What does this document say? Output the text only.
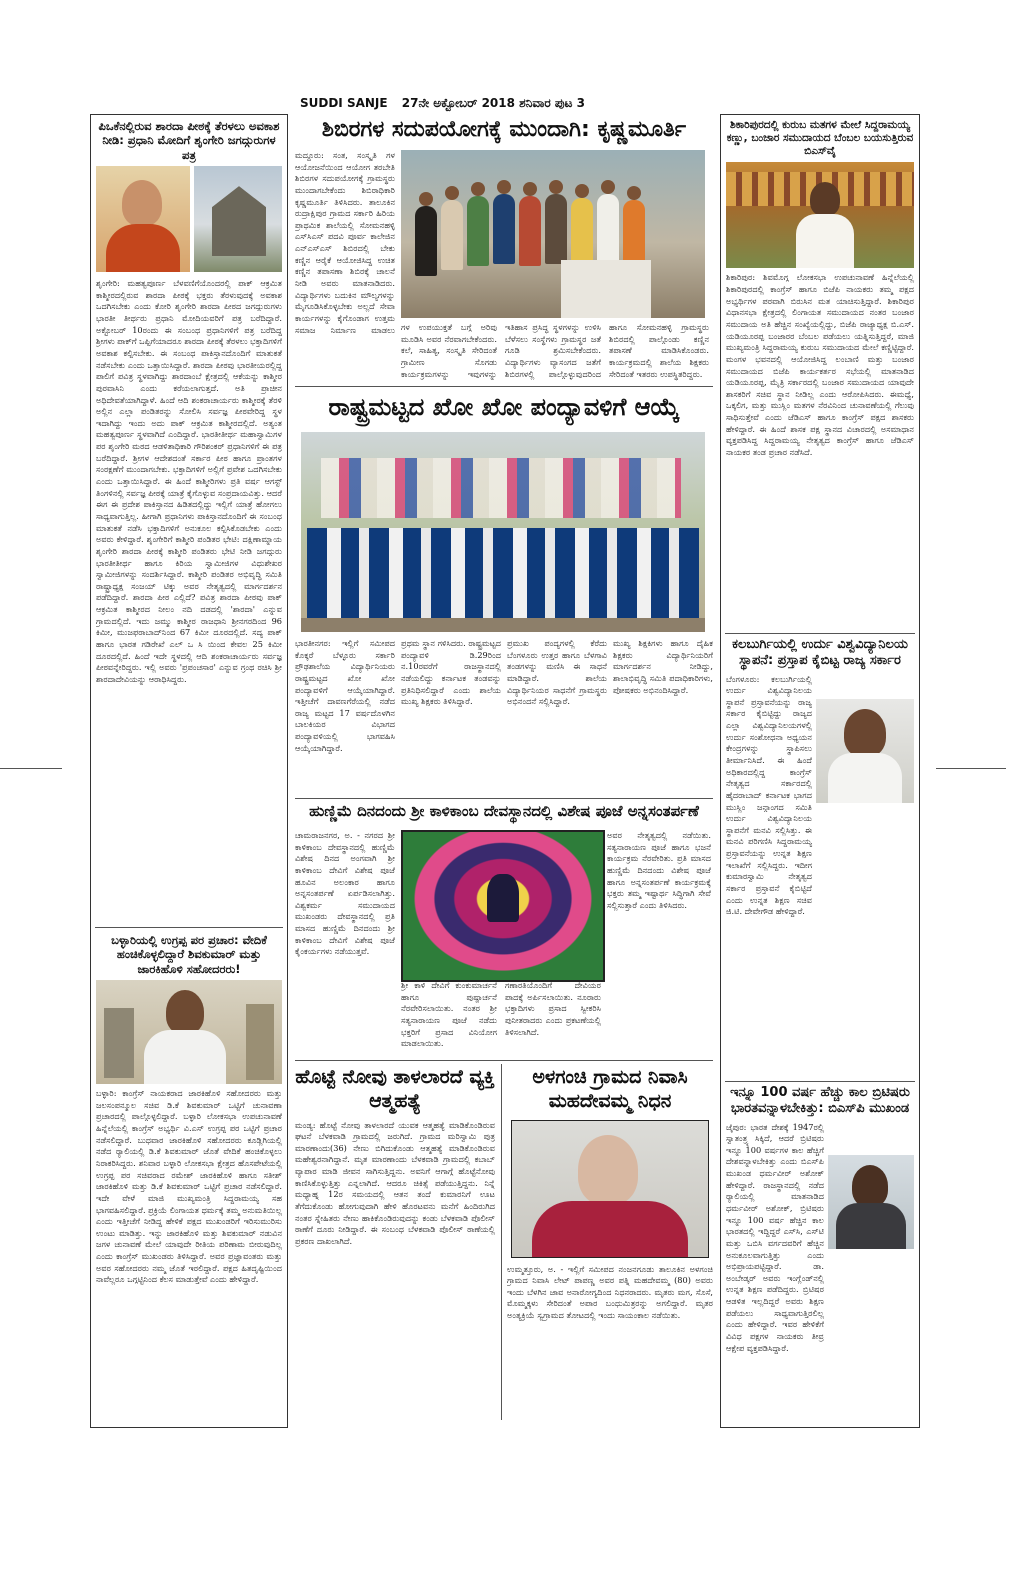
SUDDI SANJE 27ನೇ ಅಕ್ಟೋಬರ್ 2018 ಶನಿವಾರ ಪುಟ 3

ಪಿಒಕೆನಲ್ಲಿರುವ ಶಾರದಾ ಪೀಠಕ್ಕೆ ತೆರಳಲು ಅವಕಾಶ ನೀಡಿ: ಪ್ರಧಾನಿ ಮೋದಿಗೆ ಶೃಂಗೇರಿ ಜಗದ್ಗುರುಗಳ ಪತ್ರ

ಶೃಂಗೇರಿ: ಮಹತ್ವಪೂರ್ಣ ಬೆಳವಣಿಗೆಯೊಂದರಲ್ಲಿ ಪಾಕ್ ಆಕ್ರಮಿತ ಕಾಶ್ಮೀರದಲ್ಲಿರುವ ಶಾರದಾ ಪೀಠಕ್ಕೆ ಭಕ್ತರು ತೆರಳುವುದಕ್ಕೆ ಅವಕಾಶ ಒದಗಿಸಬೇಕು ಎಂದು ಕೋರಿ ಶೃಂಗೇರಿ ಶಾರದಾ ಪೀಠದ ಜಗದ್ಗುರುಗಳು ಭಾರತೀ ತೀರ್ಥರು ಪ್ರಧಾನಿ ಮೋದಿಯವರಿಗೆ ಪತ್ರ ಬರೆದಿದ್ದಾರೆ. ಅಕ್ಟೋಬರ್ 10ರಂದು ಈ ಸಂಬಂಧ ಪ್ರಧಾನಿಗಳಿಗೆ ಪತ್ರ ಬರೆದಿದ್ದ ಶ್ರೀಗಳು ಪಾಕ್‌ಗೆ ಒಪ್ಪಿಗೆಯಾದರೂ ಶಾರದಾ ಪೀಠಕ್ಕೆ ತೆರಳಲು ಭಕ್ತಾದಿಗಳಿಗೆ ಅವಕಾಶ ಕಲ್ಪಿಸಬೇಕು. ಈ ಸಂಬಂಧ ಪಾಕಿಸ್ತಾನದೊಂದಿಗೆ ಮಾತುಕತೆ ನಡೆಸಬೇಕು ಎಂದು ಒತ್ತಾಯಿಸಿದ್ದಾರೆ. ಶಾರದಾ ಪೀಠವು ಭಾರತೀಯರಲ್ಲಿದ್ದ ಪಾಲಿಗೆ ಪವಿತ್ರ ಸ್ಥಳವಾಗಿದ್ದು ಶಾರದಾಂಬೆ ಕ್ಷೇತ್ರದಲ್ಲಿ ಆಕೆಯನ್ನು ಕಾಶ್ಮೀರ ಪುರವಾಸಿನಿ ಎಂದು ಕರೆಯಲಾಗುತ್ತದೆ. ಅತಿ ಪ್ರಾಚೀನ ಅಧಿದೇವತೆಯಾಗಿದ್ದಾಳೆ. ಹಿಂದೆ ಆದಿ ಶಂಕರಾಚಾರ್ಯರು ಕಾಶ್ಮೀರಕ್ಕೆ ತೆರಳಿ ಅಲ್ಲಿನ ಎಲ್ಲಾ ಪಂಡಿತರನ್ನು ಸೋಲಿಸಿ ಸರ್ವಜ್ಞ ಪೀಠವೇರಿದ್ದ ಸ್ಥಳ ಇದಾಗಿದ್ದು ಇಂದು ಅದು ಪಾಕ್ ಆಕ್ರಮಿತ ಕಾಶ್ಮೀರದಲ್ಲಿದೆ. ಅತ್ಯಂತ ಮಹತ್ವಪೂರ್ಣ ಸ್ಥಳವಾಗಿದೆ ಎಂದಿದ್ದಾರೆ. ಭಾರತೀತೀರ್ಥ ಮಹಾಸ್ವಾಮಿಗಳ ಪರ ಶೃಂಗೇರಿ ಮಠದ ಆಡಳಿತಾಧಿಕಾರಿ ಗೌರಿಶಂಕರ್ ಪ್ರಧಾನಿಗಳಿಗೆ ಈ ಪತ್ರ ಬರೆದಿದ್ದಾರೆ. ಶ್ರೀಗಳ ಆದೇಶದಂತೆ ಸರ್ಕಾರ ಪೀಠ ಹಾಗೂ ಪ್ರಾಂತಗಳ ಸಂರಕ್ಷಣೆಗೆ ಮುಂದಾಗಬೇಕು. ಭಕ್ತಾದಿಗಳಿಗೆ ಅಲ್ಲಿಗೆ ಪ್ರವೇಶ ಒದಗಿಸಬೇಕು ಎಂದು ಒತ್ತಾಯಿಸಿದ್ದಾರೆ. ಈ ಹಿಂದೆ ಕಾಶ್ಮೀರಿಗಳು ಪ್ರತಿ ವರ್ಷ ಆಗಸ್ಟ್ ತಿಂಗಳಿನಲ್ಲಿ ಸರ್ವಜ್ಞ ಪೀಠಕ್ಕೆ ಯಾತ್ರೆ ಕೈಗೊಳ್ಳುವ ಸಂಪ್ರದಾಯವಿತ್ತು. ಆದರೆ ಈಗ ಈ ಪ್ರದೇಶ ಪಾಕಿಸ್ತಾನದ ಹಿಡಿತದಲ್ಲಿದ್ದು ಇಲ್ಲಿಗೆ ಯಾತ್ರೆ ಹೋಗಲು ಸಾಧ್ಯವಾಗುತ್ತಿಲ್ಲ. ಹೀಗಾಗಿ ಪ್ರಧಾನಿಗಳು ಪಾಕಿಸ್ತಾನದೊಂದಿಗೆ ಈ ಸಂಬಂಧ ಮಾತುಕತೆ ನಡೆಸಿ ಭಕ್ತಾದಿಗಳಿಗೆ ಅನುಕೂಲ ಕಲ್ಪಿಸಿಕೊಡಬೇಕು ಎಂದು ಅವರು ಕೇಳಿದ್ದಾರೆ. ಶೃಂಗೇರಿಗೆ ಕಾಶ್ಮೀರಿ ಪಂಡಿತರ ಭೇಟಿ: ದಕ್ಷಿಣಾಮ್ನಾಯ ಶೃಂಗೇರಿ ಶಾರದಾ ಪೀಠಕ್ಕೆ ಕಾಶ್ಮೀರಿ ಪಂಡಿತರು ಭೇಟಿ ನೀಡಿ ಜಗದ್ಗುರು ಭಾರತೀತೀರ್ಥ ಹಾಗೂ ಕಿರಿಯ ಸ್ವಾಮೀಜಿಗಳ ವಿಧುಶೇಖರ ಸ್ವಾಮೀಜಿಗಳನ್ನು ಸಂದರ್ಶಿಸಿದ್ದಾರೆ. ಕಾಶ್ಮೀರಿ ಪಂಡಿತರ ಅಭಿವೃದ್ಧಿ ಸಮಿತಿ ರಾಷ್ಟ್ರಾಧ್ಯಕ್ಷ ಸಂಜಯ್ ಟಿಕ್ಕು ಅವರ ನೇತೃತ್ವದಲ್ಲಿ ಮಾರ್ಗದರ್ಶನ ಪಡೆದಿದ್ದಾರೆ. ಶಾರದಾ ಪೀಠ ಎಲ್ಲಿದೆ? ಪವಿತ್ರ ಶಾರದಾ ಪೀಠವು ಪಾಕ್ ಆಕ್ರಮಿತ ಕಾಶ್ಮೀರದ ನೀಲಂ ನದಿ ದಡದಲ್ಲಿ 'ಶಾರದಾ' ಎನ್ನುವ ಗ್ರಾಮದಲ್ಲಿದೆ. ಇದು ಜಮ್ಮು ಕಾಶ್ಮೀರ ರಾಜಧಾನಿ ಶ್ರೀನಗರದಿಂದ 96 ಕಿಮೀ, ಮುಜಫರಾಬಾದ್‌ನಿಂದ 67 ಕಿಮೀ ದೂರದಲ್ಲಿದೆ. ಸದ್ಯ ಪಾಕ್ ಹಾಗೂ ಭಾರತ ಗಡಿರೇಖೆ ಎಲ್ ಒ ಸಿ ಯಿಂದ ಕೇವಲ 25 ಕಿಮೀ ದೂರದಲ್ಲಿದೆ. ಹಿಂದೆ ಇದೇ ಸ್ಥಳದಲ್ಲಿ ಆದಿ ಶಂಕರಾಚಾರ್ಯರು ಸರ್ವಜ್ಞ ಪೀಠವನ್ನೇರಿದ್ದರು. ಇಲ್ಲಿ ಅವರು 'ಪ್ರಪಂಚಸಾರ' ಎನ್ನುವ ಗ್ರಂಥ ರಚಿಸಿ ಶ್ರೀ ಶಾರದಾದೇವಿಯನ್ನು ಆರಾಧಿಸಿದ್ದರು.

ಬಳ್ಳಾರಿಯಲ್ಲಿ ಉಗ್ರಪ್ಪ ಪರ ಪ್ರಚಾರ: ವೇದಿಕೆ ಹಂಚಿಕೊಳ್ಳಲಿದ್ದಾರೆ ಶಿವಕುಮಾರ್ ಮತ್ತು ಜಾರಕಿಹೊಳಿ ಸಹೋದರರು!

ಬಳ್ಳಾರಿ: ಕಾಂಗ್ರೆಸ್ ನಾಯಕರಾದ ಜಾರಕಿಹೊಳಿ ಸಹೋದರರು ಮತ್ತು ಜಲಸಂಪನ್ಮೂಲ ಸಚಿವ ಡಿ.ಕೆ ಶಿವಕುಮಾರ್ ಒಟ್ಟಿಗೆ ಚುನಾವಣಾ ಪ್ರಚಾರದಲ್ಲಿ ಪಾಲ್ಗೊಳ್ಳಲಿದ್ದಾರೆ. ಬಳ್ಳಾರಿ ಲೋಕಸಭಾ ಉಪಚುನಾವಣೆ ಹಿನ್ನೆಲೆಯಲ್ಲಿ ಕಾಂಗ್ರೆಸ್ ಅಭ್ಯರ್ಥಿ ವಿ.ಎಸ್ ಉಗ್ರಪ್ಪ ಪರ ಒಟ್ಟಿಗೆ ಪ್ರಚಾರ ನಡೆಸಲಿದ್ದಾರೆ. ಬುಧವಾರ ಜಾರಕಿಹೊಳಿ ಸಹೋದರರು ಕೂಡ್ಲಿಗಿಯಲ್ಲಿ ನಡೆದ ರ್‍ಯಾಲಿಯಲ್ಲಿ ಡಿ.ಕೆ ಶಿವಕುಮಾರ್ ಜೊತೆ ವೇದಿಕೆ ಹಂಚಿಕೊಳ್ಳಲು ನಿರಾಕರಿಸಿದ್ದರು. ಶನಿವಾರ ಬಳ್ಳಾರಿ ಲೋಕಸಭಾ ಕ್ಷೇತ್ರದ ಹೊಸಪೇಟೆಯಲ್ಲಿ ಉಗ್ರಪ್ಪ ಪರ ಸಚಿವರಾದ ರಮೇಶ್ ಜಾರಕಿಹೊಳಿ ಹಾಗೂ ಸತೀಶ್ ಜಾರಕಿಹೊಳಿ ಮತ್ತು ಡಿ.ಕೆ ಶಿವಕುಮಾರ್ ಒಟ್ಟಿಗೆ ಪ್ರಚಾರ ನಡೆಸಲಿದ್ದಾರೆ. ಇದೇ ವೇಳೆ ಮಾಜಿ ಮುಖ್ಯಮಂತ್ರಿ ಸಿದ್ದರಾಮಯ್ಯ ಸಹ ಭಾಗವಹಿಸಲಿದ್ದಾರೆ. ಪ್ರಕ್ರಿಯೆ ಲಿಂಗಾಯತ ಧರ್ಮಕ್ಕೆ ತಮ್ಮ ಅನುಮತಿಯಿಲ್ಲ ಎಂದು ಇತ್ತೀಚೆಗೆ ನೀಡಿದ್ದ ಹೇಳಿಕೆ ಪಕ್ಷದ ಮುಖಂಡರಿಗೆ ಇರಿಸುಮುರಿಸು ಉಂಟು ಮಾಡಿತ್ತು. ಇನ್ನು ಜಾರಕಿಹೊಳಿ ಮತ್ತು ಶಿವಕುಮಾರ್ ನಡುವಿನ ಜಗಳ ಚುನಾವಣೆ ಮೇಲೆ ಯಾವುದೇ ರೀತಿಯ ಪರಿಣಾಮ ಬೀರುವುದಿಲ್ಲ ಎಂದು ಕಾಂಗ್ರೆಸ್ ಮುಖಂಡರು ತಿಳಿಸಿದ್ದಾರೆ. ಅವರ ಪ್ರಜ್ಞಾವಂತರು ಮತ್ತು ಅವರ ಸಹೋದರರು ನಮ್ಮ ಜೊತೆ ಇರಲಿದ್ದಾರೆ. ಪಕ್ಷದ ಹಿತದೃಷ್ಟಿಯಿಂದ ನಾವೆಲ್ಲರೂ ಒಗ್ಗಟ್ಟಿನಿಂದ ಕೆಲಸ ಮಾಡುತ್ತೇವೆ ಎಂದು ಹೇಳಿದ್ದಾರೆ.

ಶಿಬಿರಗಳ ಸದುಪಯೋಗಕ್ಕೆ ಮುಂದಾಗಿ: ಕೃಷ್ಣಮೂರ್ತಿ

ಮದ್ದೂರು: ಸಂತ, ಸಂಸ್ಕೃತಿ ಗಳ ಆಯೋಜನೆಯಿಂದ ಆಯೋಗ ತರಬೇತಿ ಶಿಬಿರಗಳ ಸದುಪಯೋಗಕ್ಕೆ ಗ್ರಾಮಸ್ಥರು ಮುಂದಾಗಬೇಕೆಂದು ಶಿಬಿರಾಧಿಕಾರಿ ಕೃಷ್ಣಮೂರ್ತಿ ತಿಳಿಸಿದರು. ತಾಲೂಕಿನ ರುದ್ರಾಕ್ಷಿಪುರ ಗ್ರಾಮದ ಸರ್ಕಾರಿ ಹಿರಿಯ ಪ್ರಾಥಮಿಕ ಶಾಲೆಯಲ್ಲಿ ಸೋಮನಹಳ್ಳಿ ಎಸ್‌ಸಿಎಸ್ ಪದವಿ ಪೂರ್ವ ಕಾಲೇಜಿನ ಎನ್‌ಎಸ್‌ಎಸ್ ಶಿಬಿರದಲ್ಲಿ ಬೇಕು ಕಣ್ಣಿನ ಆರೈಕೆ ಆಯೋಜಿಸಿದ್ದ ಉಚಿತ ಕಣ್ಣಿನ ತಪಾಸಣಾ ಶಿಬಿರಕ್ಕೆ ಚಾಲನೆ ನೀಡಿ ಅವರು ಮಾತನಾಡಿದರು. ವಿದ್ಯಾರ್ಥಿಗಳು ಬದುಕಿನ ಮೌಲ್ಯಗಳನ್ನು ಮೈಗೂಡಿಸಿಕೊಳ್ಳಬೇಕು ಅಲ್ಲದೆ ಸೇವಾ ಕಾರ್ಯಗಳನ್ನು ಕೈಗೊಂಡಾಗ ಉತ್ತಮ ಸಮಾಜ ನಿರ್ಮಾಣ ಮಾಡಲು ಗಳ ಉಪಯುಕ್ತತೆ ಬಗ್ಗೆ ಅರಿವು ಮೂಡಿಸಿ ಅವರ ನೆರವಾಗಬೇಕೆಂದರು. ಕಲೆ, ಸಾಹಿತ್ಯ, ಸಂಸ್ಕೃತಿ ಸೇರಿದಂತೆ ಗ್ರಾಮೀಣ ಸೊಗಡು ಕಾರ್ಯಕ್ರಮಗಳನ್ನು ಇವುಗಳನ್ನು

ಇತಿಹಾಸ ಪ್ರಸಿದ್ಧ ಸ್ಥಳಗಳನ್ನು ಉಳಿಸಿ ಬೆಳೆಸಲು ಸಂಸ್ಥೆಗಳು ಗ್ರಾಮಸ್ಥರ ಜತೆ ಗೂಡಿ ಶ್ರಮಿಸಬೇಕೆಂದರು. ವಿದ್ಯಾರ್ಥಿಗಳು ವ್ಯಾಸಂಗದ ಜತೆಗೆ ಶಿಬಿರಗಳಲ್ಲಿ ಪಾಲ್ಗೊಳ್ಳುವುದರಿಂದ

ಹಾಗೂ ಸೋಮನಹಳ್ಳಿ ಗ್ರಾಮಸ್ಥರು ಶಿಬಿರದಲ್ಲಿ ಪಾಲ್ಗೊಂಡು ಕಣ್ಣಿನ ತಪಾಸಣೆ ಮಾಡಿಸಿಕೊಂಡರು. ಕಾರ್ಯಕ್ರಮದಲ್ಲಿ ಶಾಲೆಯ ಶಿಕ್ಷಕರು ಸೇರಿದಂತೆ ಇತರರು ಉಪಸ್ಥಿತರಿದ್ದರು.

ರಾಷ್ಟ್ರಮಟ್ಟದ ಖೋ ಖೋ ಪಂದ್ಯಾವಳಿಗೆ ಆಯ್ಕೆ

ಭಾರತೀನಗರ: ಇಲ್ಲಿಗೆ ಸಮೀಪದ ಕೊಕ್ಕರೆ ಬೆಳ್ಳೂರು ಸರ್ಕಾರಿ ಪ್ರೌಢಶಾಲೆಯ ವಿದ್ಯಾರ್ಥಿನಿಯರು ರಾಷ್ಟ್ರಮಟ್ಟದ ಖೋ ಖೋ ಪಂದ್ಯಾವಳಿಗೆ ಆಯ್ಕೆಯಾಗಿದ್ದಾರೆ. ಇತ್ತೀಚೆಗೆ ದಾವಣಗೆರೆಯಲ್ಲಿ ನಡೆದ ರಾಜ್ಯ ಮಟ್ಟದ 17 ವರ್ಷದೊಳಗಿನ ಬಾಲಕಿಯರ ವಿಭಾಗದ ಪಂದ್ಯಾವಳಿಯಲ್ಲಿ ಭಾಗವಹಿಸಿ ಆಯ್ಕೆಯಾಗಿದ್ದಾರೆ.

ಪ್ರಥಮ ಸ್ಥಾನ ಗಳಿಸಿದರು. ರಾಷ್ಟ್ರಮಟ್ಟದ ಪಂದ್ಯಾವಳಿ ಡಿ.29ರಿಂದ ನ.10ರವರೆಗೆ ರಾಜಸ್ಥಾನದಲ್ಲಿ ನಡೆಯಲಿದ್ದು ಕರ್ನಾಟಕ ತಂಡವನ್ನು ಪ್ರತಿನಿಧಿಸಲಿದ್ದಾರೆ ಎಂದು ಶಾಲೆಯ ಮುಖ್ಯ ಶಿಕ್ಷಕರು ತಿಳಿಸಿದ್ದಾರೆ.

ಪ್ರಮುಖ ಪಂದ್ಯಗಳಲ್ಲಿ ಕೆರೆದು ಬೆಂಗಳೂರು ಉತ್ತರ ಹಾಗೂ ಬೆಳಗಾವಿ ತಂಡಗಳನ್ನು ಮಣಿಸಿ ಈ ಸಾಧನೆ ಮಾಡಿದ್ದಾರೆ. ಶಾಲೆಯ ವಿದ್ಯಾರ್ಥಿನಿಯರ ಸಾಧನೆಗೆ ಗ್ರಾಮಸ್ಥರು ಅಭಿನಂದನೆ ಸಲ್ಲಿಸಿದ್ದಾರೆ.

ಮುಖ್ಯ ಶಿಕ್ಷಕಿಗಳು ಹಾಗೂ ದೈಹಿಕ ಶಿಕ್ಷಕರು ವಿದ್ಯಾರ್ಥಿನಿಯರಿಗೆ ಮಾರ್ಗದರ್ಶನ ನೀಡಿದ್ದು, ಶಾಲಾಭಿವೃದ್ಧಿ ಸಮಿತಿ ಪದಾಧಿಕಾರಿಗಳು, ಪೋಷಕರು ಅಭಿನಂದಿಸಿದ್ದಾರೆ.

ಹುಣ್ಣಿಮೆ ದಿನದಂದು ಶ್ರೀ ಕಾಳಿಕಾಂಬ ದೇವಸ್ಥಾನದಲ್ಲಿ ವಿಶೇಷ ಪೂಜೆ ಅನ್ನಸಂತರ್ಪಣೆ

ಚಾಮರಾಜನಗರ, ಅ. - ನಗರದ ಶ್ರೀ ಕಾಳಿಕಾಂಬ ದೇವಸ್ಥಾನದಲ್ಲಿ ಹುಣ್ಣಿಮೆ ವಿಶೇಷ ದಿನದ ಅಂಗವಾಗಿ ಶ್ರೀ ಕಾಳಿಕಾಂಬ ದೇವಿಗೆ ವಿಶೇಷ ಪೂಜೆ ಹೂವಿನ ಅಲಂಕಾರ ಹಾಗೂ ಅನ್ನಸಂತರ್ಪಣೆ ಏರ್ಪಡಿಸಲಾಗಿತ್ತು. ವಿಶ್ವಕರ್ಮ ಸಮುದಾಯದ ಮುಖಂಡರು ದೇವಸ್ಥಾನದಲ್ಲಿ ಪ್ರತಿ ಮಾಸದ ಹುಣ್ಣಿಮೆ ದಿನದಂದು ಶ್ರೀ ಕಾಳಿಕಾಂಬ ದೇವಿಗೆ ವಿಶೇಷ ಪೂಜೆ ಕೈಂಕರ್ಯಗಳು ನಡೆಯುತ್ತವೆ.

ಅವರ ನೇತೃತ್ವದಲ್ಲಿ ನಡೆಯಿತು. ಸತ್ಯನಾರಾಯಣ ಪೂಜೆ ಹಾಗೂ ಭಜನೆ ಕಾರ್ಯಕ್ರಮ ನೆರವೇರಿತು. ಪ್ರತಿ ಮಾಸದ ಹುಣ್ಣಿಮೆ ದಿನದಂದು ವಿಶೇಷ ಪೂಜೆ ಹಾಗೂ ಅನ್ನಸಂತರ್ಪಣೆ ಕಾರ್ಯಕ್ರಮಕ್ಕೆ ಭಕ್ತರು ತಮ್ಮ ಇಷ್ಟಾರ್ಥ ಸಿದ್ಧಿಗಾಗಿ ಸೇವೆ ಸಲ್ಲಿಸುತ್ತಾರೆ ಎಂದು ತಿಳಿಸಿದರು.

ಶ್ರೀ ಕಾಳಿ ದೇವಿಗೆ ಕುಂಕುಮಾರ್ಚನೆ ಹಾಗೂ ಪುಷ್ಪಾರ್ಚನೆ ನೆರವೇರಿಸಲಾಯಿತು. ನಂತರ ಶ್ರೀ ಸತ್ಯನಾರಾಯಣ ಪೂಜೆ ನಡೆದು ಭಕ್ತರಿಗೆ ಪ್ರಸಾದ ವಿನಿಯೋಗ ಮಾಡಲಾಯಿತು.

ಗಣಾರತಿಯೊಂದಿಗೆ ದೇವಿಯರ ಪಾದಕ್ಕೆ ಅರ್ಪಿಸಲಾಯಿತು. ನೂರಾರು ಭಕ್ತಾದಿಗಳು ಪ್ರಸಾದ ಸ್ವೀಕರಿಸಿ ಪುನೀತರಾದರು ಎಂದು ಪ್ರಕಟಣೆಯಲ್ಲಿ ತಿಳಿಸಲಾಗಿದೆ.

ಹೊಟ್ಟೆ ನೋವು ತಾಳಲಾರದೆ ವ್ಯಕ್ತಿ ಆತ್ಮಹತ್ಯೆ

ಮಂಡ್ಯ: ಹೊಟ್ಟೆ ನೋವು ತಾಳಲಾರದೆ ಯುವಕ ಆತ್ಮಹತ್ಯೆ ಮಾಡಿಕೊಂಡಿರುವ ಘಟನೆ ಬೆಳಕವಾಡಿ ಗ್ರಾಮದಲ್ಲಿ ಜರುಗಿದೆ. ಗ್ರಾಮದ ಮರಿಸ್ವಾಮಿ ಪುತ್ರ ಮಾರಣಾಂದು(36) ನೇಣು ಬಿಗಿದುಕೊಂಡು ಆತ್ಮಹತ್ಯೆ ಮಾಡಿಕೊಂಡಿರುವ ಮಹೇಶ್ವರನಾಗಿದ್ದಾನೆ. ಮೃತ ಮಾರಣಾಂದು ಬೆಳಕವಾಡಿ ಗ್ರಾಮದಲ್ಲಿ ಕಬಾಬ್ ವ್ಯಾಪಾರ ಮಾಡಿ ಜೀವನ ಸಾಗಿಸುತ್ತಿದ್ದನು. ಅವನಿಗೆ ಆಗಾಗ್ಗೆ ಹೊಟ್ಟೆನೋವು ಕಾಣಿಸಿಕೊಳ್ಳುತ್ತಿತ್ತು ಎನ್ನಲಾಗಿದೆ. ಆದರೂ ಚಿಕಿತ್ಸೆ ಪಡೆಯುತ್ತಿದ್ದನು. ನಿನ್ನೆ ಮಧ್ಯಾಹ್ನ 12ರ ಸಮಯದಲ್ಲಿ ಆತನ ತಂದೆ ಕುಮಾರನಿಗೆ ಊಟ ತೆಗೆದುಕೊಂಡು ಹೋಗುವುದಾಗಿ ಹೇಳಿ ಹೊರಟವನು ಮನೆಗೆ ಹಿಂದಿರುಗಿದ ನಂತರ ಸ್ನೇಹಿತರು ನೇಣು ಹಾಕಿಕೊಂಡಿರುವುದನ್ನು ಕಂಡು ಬೆಳಕವಾಡಿ ಪೊಲೀಸ್ ಠಾಣೆಗೆ ದೂರು ನೀಡಿದ್ದಾರೆ. ಈ ಸಂಬಂಧ ಬೆಳಕವಾಡಿ ಪೊಲೀಸ್ ಠಾಣೆಯಲ್ಲಿ ಪ್ರಕರಣ ದಾಖಲಾಗಿದೆ.

ಅಳಗಂಚಿ ಗ್ರಾಮದ ನಿವಾಸಿ ಮಹದೇವಮ್ಮ ನಿಧನ

ಉಮ್ಮತ್ತೂರು, ಅ. - ಇಲ್ಲಿಗೆ ಸಮೀಪದ ನಂಜನಗೂಡು ತಾಲೂಕಿನ ಅಳಗಂಚಿ ಗ್ರಾಮದ ನಿವಾಸಿ ಲೇಟ್ ಪಾಪಣ್ಣ ಅವರ ಪತ್ನಿ ಮಹದೇವಮ್ಮ (80) ಅವರು ಇಂದು ಬೆಳಗಿನ ಜಾವ ಅನಾರೋಗ್ಯದಿಂದ ನಿಧನರಾದರು. ಮೃತರು ಮಗ, ಸೊಸೆ, ಮೊಮ್ಮಕ್ಕಳು ಸೇರಿದಂತೆ ಅಪಾರ ಬಂಧುಮಿತ್ರರನ್ನು ಅಗಲಿದ್ದಾರೆ. ಮೃತರ ಅಂತ್ಯಕ್ರಿಯೆ ಸ್ವಗ್ರಾಮದ ತೋಟದಲ್ಲಿ ಇಂದು ಸಾಯಂಕಾಲ ನಡೆಯಿತು.

ಶಿಕಾರಿಪುರದಲ್ಲಿ ಕುರುಬ ಮತಗಳ ಮೇಲೆ ಸಿದ್ದರಾಮಯ್ಯ ಕಣ್ಣು, ಬಂಜಾರ ಸಮುದಾಯದ ಬೆಂಬಲ ಬಯಸುತ್ತಿರುವ ಬಿಎಸ್‌ವೈ

ಶಿಕಾರಿಪುರ: ಶಿವಮೊಗ್ಗ ಲೋಕಸಭಾ ಉಪಚುನಾವಣೆ ಹಿನ್ನೆಲೆಯಲ್ಲಿ ಶಿಕಾರಿಪುರದಲ್ಲಿ ಕಾಂಗ್ರೆಸ್ ಹಾಗೂ ಬಿಜೆಪಿ ನಾಯಕರು ತಮ್ಮ ಪಕ್ಷದ ಅಭ್ಯರ್ಥಿಗಳ ಪರವಾಗಿ ಬಿರುಸಿನ ಮತ ಯಾಚಿಸುತ್ತಿದ್ದಾರೆ. ಶಿಕಾರಿಪುರ ವಿಧಾನಸಭಾ ಕ್ಷೇತ್ರದಲ್ಲಿ ಲಿಂಗಾಯತ ಸಮುದಾಯದ ನಂತರ ಬಂಜಾರ ಸಮುದಾಯ ಅತಿ ಹೆಚ್ಚಿನ ಸಂಖ್ಯೆಯಲ್ಲಿದ್ದು, ಬಿಜೆಪಿ ರಾಜ್ಯಾಧ್ಯಕ್ಷ ಬಿ.ಎಸ್. ಯಡಿಯೂರಪ್ಪ ಬಂಜಾರರ ಬೆಂಬಲ ಪಡೆಯಲು ಯತ್ನಿಸುತ್ತಿದ್ದರೆ, ಮಾಜಿ ಮುಖ್ಯಮಂತ್ರಿ ಸಿದ್ದರಾಮಯ್ಯ ಕುರುಬ ಸಮುದಾಯದ ಮೇಲೆ ಕಣ್ಣಿಟ್ಟಿದ್ದಾರೆ. ಮಂಗಳ ಭವನದಲ್ಲಿ ಆಯೋಜಿಸಿದ್ದ ಲಂಬಾಣಿ ಮತ್ತು ಬಂಜಾರ ಸಮುದಾಯದ ಬಿಜೆಪಿ ಕಾರ್ಯಕರ್ತರ ಸಭೆಯಲ್ಲಿ ಮಾತನಾಡಿದ ಯಡಿಯೂರಪ್ಪ, ಮೈತ್ರಿ ಸರ್ಕಾರದಲ್ಲಿ ಬಂಜಾರ ಸಮುದಾಯದ ಯಾವುದೇ ಶಾಸಕರಿಗೆ ಸಚಿವ ಸ್ಥಾನ ನೀಡಿಲ್ಲ ಎಂದು ಆರೋಪಿಸಿದರು. ಈಮಧ್ಯೆ, ಒಕ್ಕಲಿಗ, ಮತ್ತು ಮುಸ್ಲಿಂ ಮತಗಳ ನೆರವಿನಿಂದ ಚುನಾವಣೆಯಲ್ಲಿ ಗೆಲುವು ಸಾಧಿಸುತ್ತೇವೆ ಎಂದು ಜೆಡಿಎಸ್ ಹಾಗೂ ಕಾಂಗ್ರೆಸ್ ಪಕ್ಷದ ಶಾಸಕರು ಹೇಳಿದ್ದಾರೆ. ಈ ಹಿಂದೆ ಶಾಸಕ ಪಕ್ಷ ಸ್ಥಾನದ ವಿಚಾರದಲ್ಲಿ ಅಸಮಾಧಾನ ವ್ಯಕ್ತಪಡಿಸಿದ್ದ ಸಿದ್ದರಾಮಯ್ಯ ನೇತೃತ್ವದ ಕಾಂಗ್ರೆಸ್ ಹಾಗೂ ಜೆಡಿಎಸ್ ನಾಯಕರ ತಂಡ ಪ್ರಚಾರ ನಡೆಸಿದೆ.

ಕಲಬುರ್ಗಿಯಲ್ಲಿ ಉರ್ದು ವಿಶ್ವವಿದ್ಯಾನಿಲಯ ಸ್ಥಾಪನೆ: ಪ್ರಸ್ತಾಪ ಕೈಬಿಟ್ಟ ರಾಜ್ಯ ಸರ್ಕಾರ

ಬೆಂಗಳೂರು: ಕಲಬುರ್ಗಿಯಲ್ಲಿ ಉರ್ದು ವಿಶ್ವವಿದ್ಯಾನಿಲಯ ಸ್ಥಾಪನೆ ಪ್ರಸ್ತಾವನೆಯನ್ನು ರಾಜ್ಯ ಸರ್ಕಾರ ಕೈಬಿಟ್ಟಿದ್ದು ರಾಜ್ಯದ ಎಲ್ಲಾ ವಿಶ್ವವಿದ್ಯಾನಿಲಯಗಳಲ್ಲಿ ಉರ್ದು ಸಂಶೋಧನಾ ಅಧ್ಯಯನ ಕೇಂದ್ರಗಳನ್ನು ಸ್ಥಾಪಿಸಲು ತೀರ್ಮಾನಿಸಿದೆ. ಈ ಹಿಂದೆ ಅಧಿಕಾರದಲ್ಲಿದ್ದ ಕಾಂಗ್ರೆಸ್ ನೇತೃತ್ವದ ಸರ್ಕಾರದಲ್ಲಿ ಹೈದರಾಬಾದ್ ಕರ್ನಾಟಕ ಭಾಗದ ಮುಸ್ಲಿಂ ಜನ್ಗಾಂಗದ ಸಮಿತಿ ಉರ್ದು ವಿಶ್ವವಿದ್ಯಾನಿಲಯ ಸ್ಥಾಪನೆಗೆ ಮನವಿ ಸಲ್ಲಿಸಿತ್ತು. ಈ ಮನವಿ ಪರಿಗಣಿಸಿ ಸಿದ್ದರಾಮಯ್ಯ ಪ್ರಸ್ತಾವನೆಯನ್ನು ಉನ್ನತ ಶಿಕ್ಷಣ ಇಲಾಖೆಗೆ ಸಲ್ಲಿಸಿದ್ದರು. ಇದೀಗ ಕುಮಾರಸ್ವಾಮಿ ನೇತೃತ್ವದ ಸರ್ಕಾರ ಪ್ರಸ್ತಾವನೆ ಕೈಬಿಟ್ಟಿದೆ ಎಂದು ಉನ್ನತ ಶಿಕ್ಷಣ ಸಚಿವ ಜಿ.ಟಿ. ದೇವೇಗೌಡ ಹೇಳಿದ್ದಾರೆ.

ಇನ್ನೂ 100 ವರ್ಷ ಹೆಚ್ಚು ಕಾಲ ಬ್ರಿಟಿಷರು ಭಾರತವನ್ನಾಳಬೇಕಿತ್ತು: ಬಿಎಸ್‌ಪಿ ಮುಖಂಡ

ಜೈಪುರ: ಭಾರತ ದೇಶಕ್ಕೆ 1947ರಲ್ಲಿ ಸ್ವಾತಂತ್ರ್ಯ ಸಿಕ್ಕಿದೆ, ಆದರೆ ಬ್ರಿಟಿಷರು ಇನ್ನೂ 100 ವರ್ಷಗಳ ಕಾಲ ಹೆಚ್ಚಿಗೆ ದೇಶವನ್ನಾಳಬೇಕಿತ್ತು ಎಂದು ಬಿಎಸ್‌ಪಿ ಮುಖಂಡ ಧರ್ಮವೀರ್ ಅಶೋಕ್ ಹೇಳಿದ್ದಾರೆ. ರಾಜಸ್ಥಾನದಲ್ಲಿ ನಡೆದ ರ್‍ಯಾಲಿಯಲ್ಲಿ ಮಾತನಾಡಿದ ಧರ್ಮವೀರ್ ಅಶೋಕ್, ಬ್ರಿಟಿಷರು ಇನ್ನೂ 100 ವರ್ಷ ಹೆಚ್ಚಿನ ಕಾಲ ಭಾರತದಲ್ಲಿ ಇದ್ದಿದ್ದರೆ ಎಸ್‌ಸಿ, ಎಸ್‌ಟಿ ಮತ್ತು ಒಬಿಸಿ ವರ್ಗದವರಿಗೆ ಹೆಚ್ಚಿನ ಅನುಕೂಲವಾಗುತ್ತಿತ್ತು ಎಂದು ಅಭಿಪ್ರಾಯಪಟ್ಟಿದ್ದಾರೆ. ಡಾ. ಅಂಬೇಡ್ಕರ್ ಅವರು ಇಂಗ್ಲೆಂಡ್‌ನಲ್ಲಿ ಉನ್ನತ ಶಿಕ್ಷಣ ಪಡೆದಿದ್ದರು. ಬ್ರಿಟಿಷರ ಆಡಳಿತ ಇಲ್ಲದಿದ್ದರೆ ಅವರು ಶಿಕ್ಷಣ ಪಡೆಯಲು ಸಾಧ್ಯವಾಗುತ್ತಿರಲಿಲ್ಲ ಎಂದು ಹೇಳಿದ್ದಾರೆ. ಇವರ ಹೇಳಿಕೆಗೆ ವಿವಿಧ ಪಕ್ಷಗಳ ನಾಯಕರು ತೀವ್ರ ಆಕ್ಷೇಪ ವ್ಯಕ್ತಪಡಿಸಿದ್ದಾರೆ.
